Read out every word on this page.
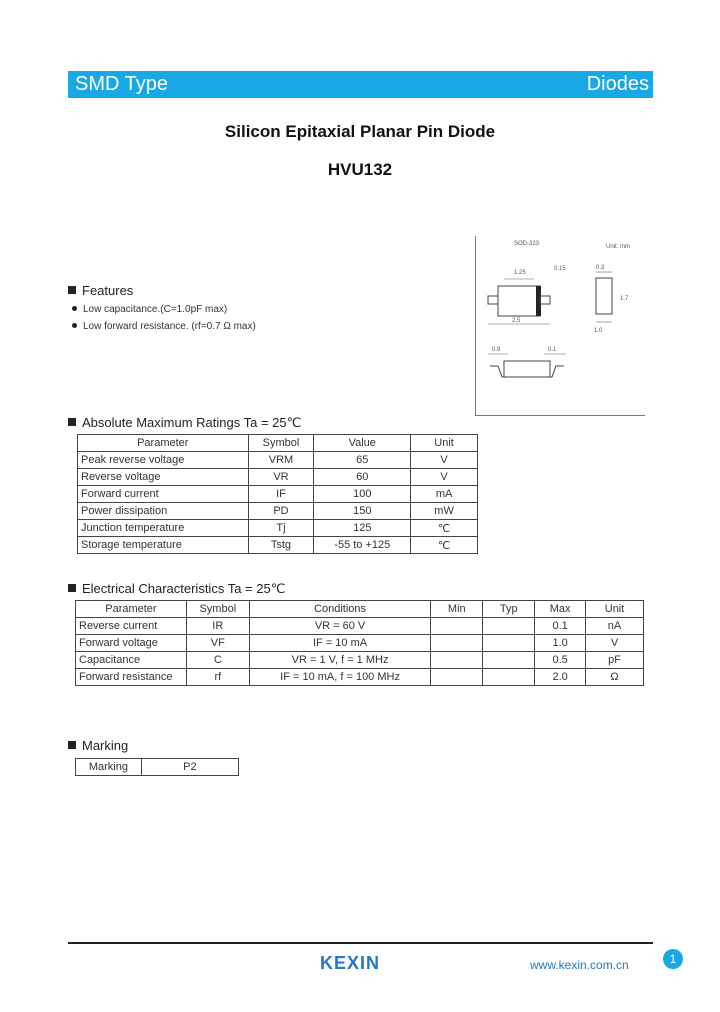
SMD Type	Diodes
Silicon Epitaxial Planar Pin Diode
HVU132
SOD-323	Unit: mm
1.25
2.5
0.15	0.3
1.0
1.7
0.9	0.1
Features
Low capacitance.(C=1.0pF max)
Low forward resistance. (rf=0.7 Ω max)
Absolute Maximum Ratings Ta = 25℃
Parameter	Symbol	Value	Unit
Peak reverse voltage	VRM	65	V
Reverse voltage	VR	60	V
Forward current	IF	100	mA
Power dissipation	PD	150	mW
Junction temperature	Tj	125	℃
Storage temperature	Tstg	-55 to +125	℃
Electrical Characteristics Ta = 25℃
Parameter	Symbol	Conditions	Min	Typ	Max	Unit
Reverse current	IR	VR = 60 V			0.1	nA
Forward voltage	VF	IF = 10 mA			1.0	V
Capacitance	C	VR = 1 V, f = 1 MHz			0.5	pF
Forward resistance	rf	IF = 10 mA, f = 100 MHz			2.0	Ω
Marking
Marking	P2
KEXIN	www.kexin.com.cn	1
